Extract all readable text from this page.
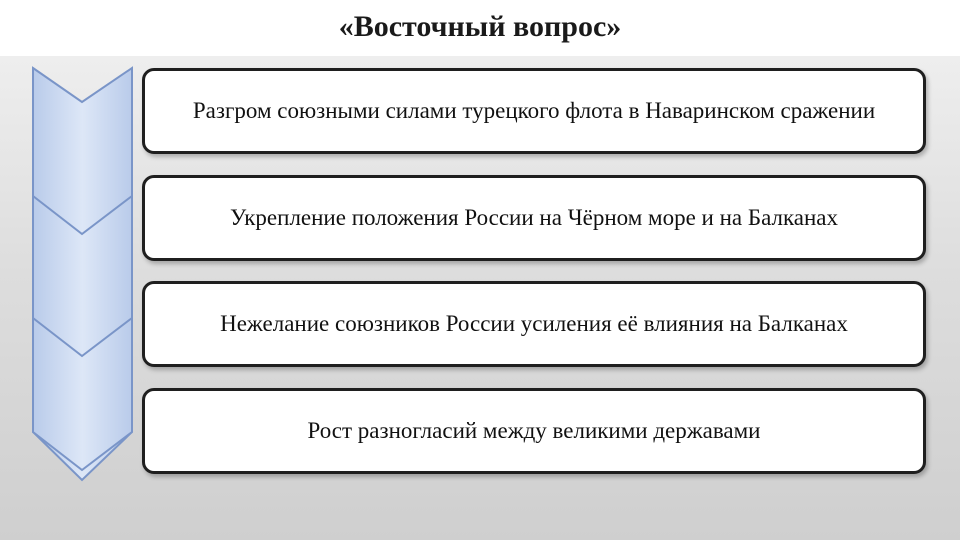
«Восточный вопрос»
Разгром союзными силами турецкого флота в Наваринском сражении
Укрепление положения России на Чёрном море и на Балканах
Нежелание союзников России усиления её влияния на Балканах
Рост разногласий между великими державами
